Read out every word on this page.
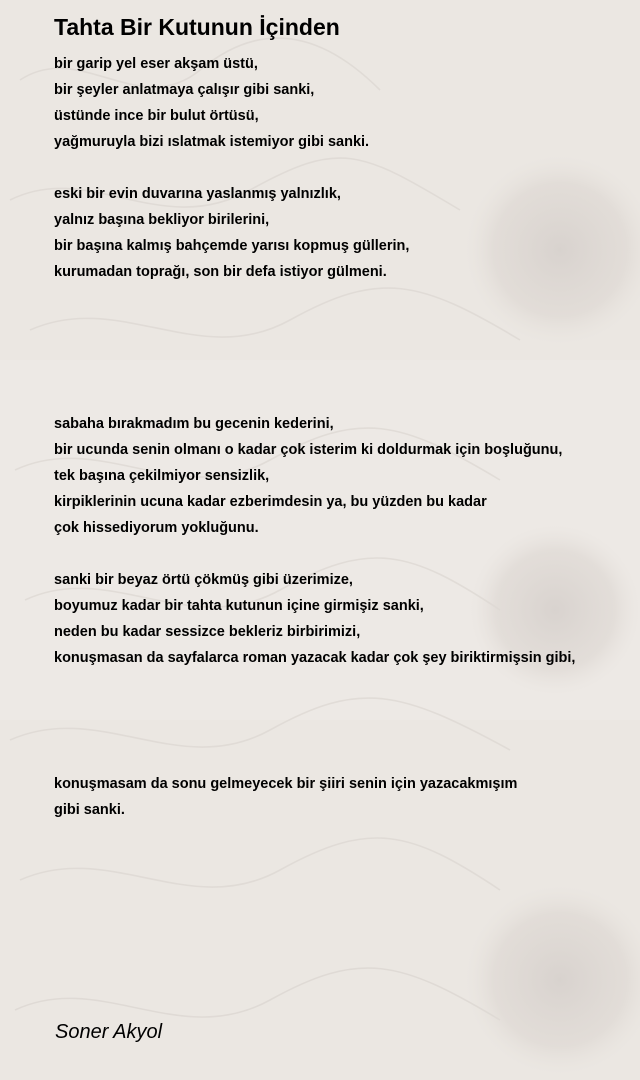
Tahta Bir Kutunun İçinden
bir garip yel eser akşam üstü,
bir şeyler anlatmaya çalışır gibi sanki,
üstünde ince bir bulut örtüsü,
yağmuruyla bizi ıslatmak istemiyor gibi sanki.
eski bir evin duvarına yaslanmış yalnızlık,
yalnız başına bekliyor birilerini,
bir başına kalmış bahçemde yarısı kopmuş güllerin,
kurumadan toprağı, son bir defa istiyor gülmeni.
sabaha bırakmadım bu gecenin kederini,
bir ucunda senin olmanı o kadar çok isterim ki doldurmak için boşluğunu,
tek başına çekilmiyor sensizlik,
kirpiklerinin ucuna kadar ezberimdesin ya, bu yüzden bu kadar
çok hissediyorum yokluğunu.
sanki bir beyaz örtü çökmüş gibi üzerimize,
boyumuz kadar bir tahta kutunun içine girmişiz sanki,
neden bu kadar sessizce bekleriz birbirimizi,
konuşmasan da sayfalarca roman yazacak kadar çok şey biriktirmişsin gibi,
konuşmasam da sonu gelmeyecek bir şiiri senin için yazacakmışım
gibi sanki.
Soner Akyol
